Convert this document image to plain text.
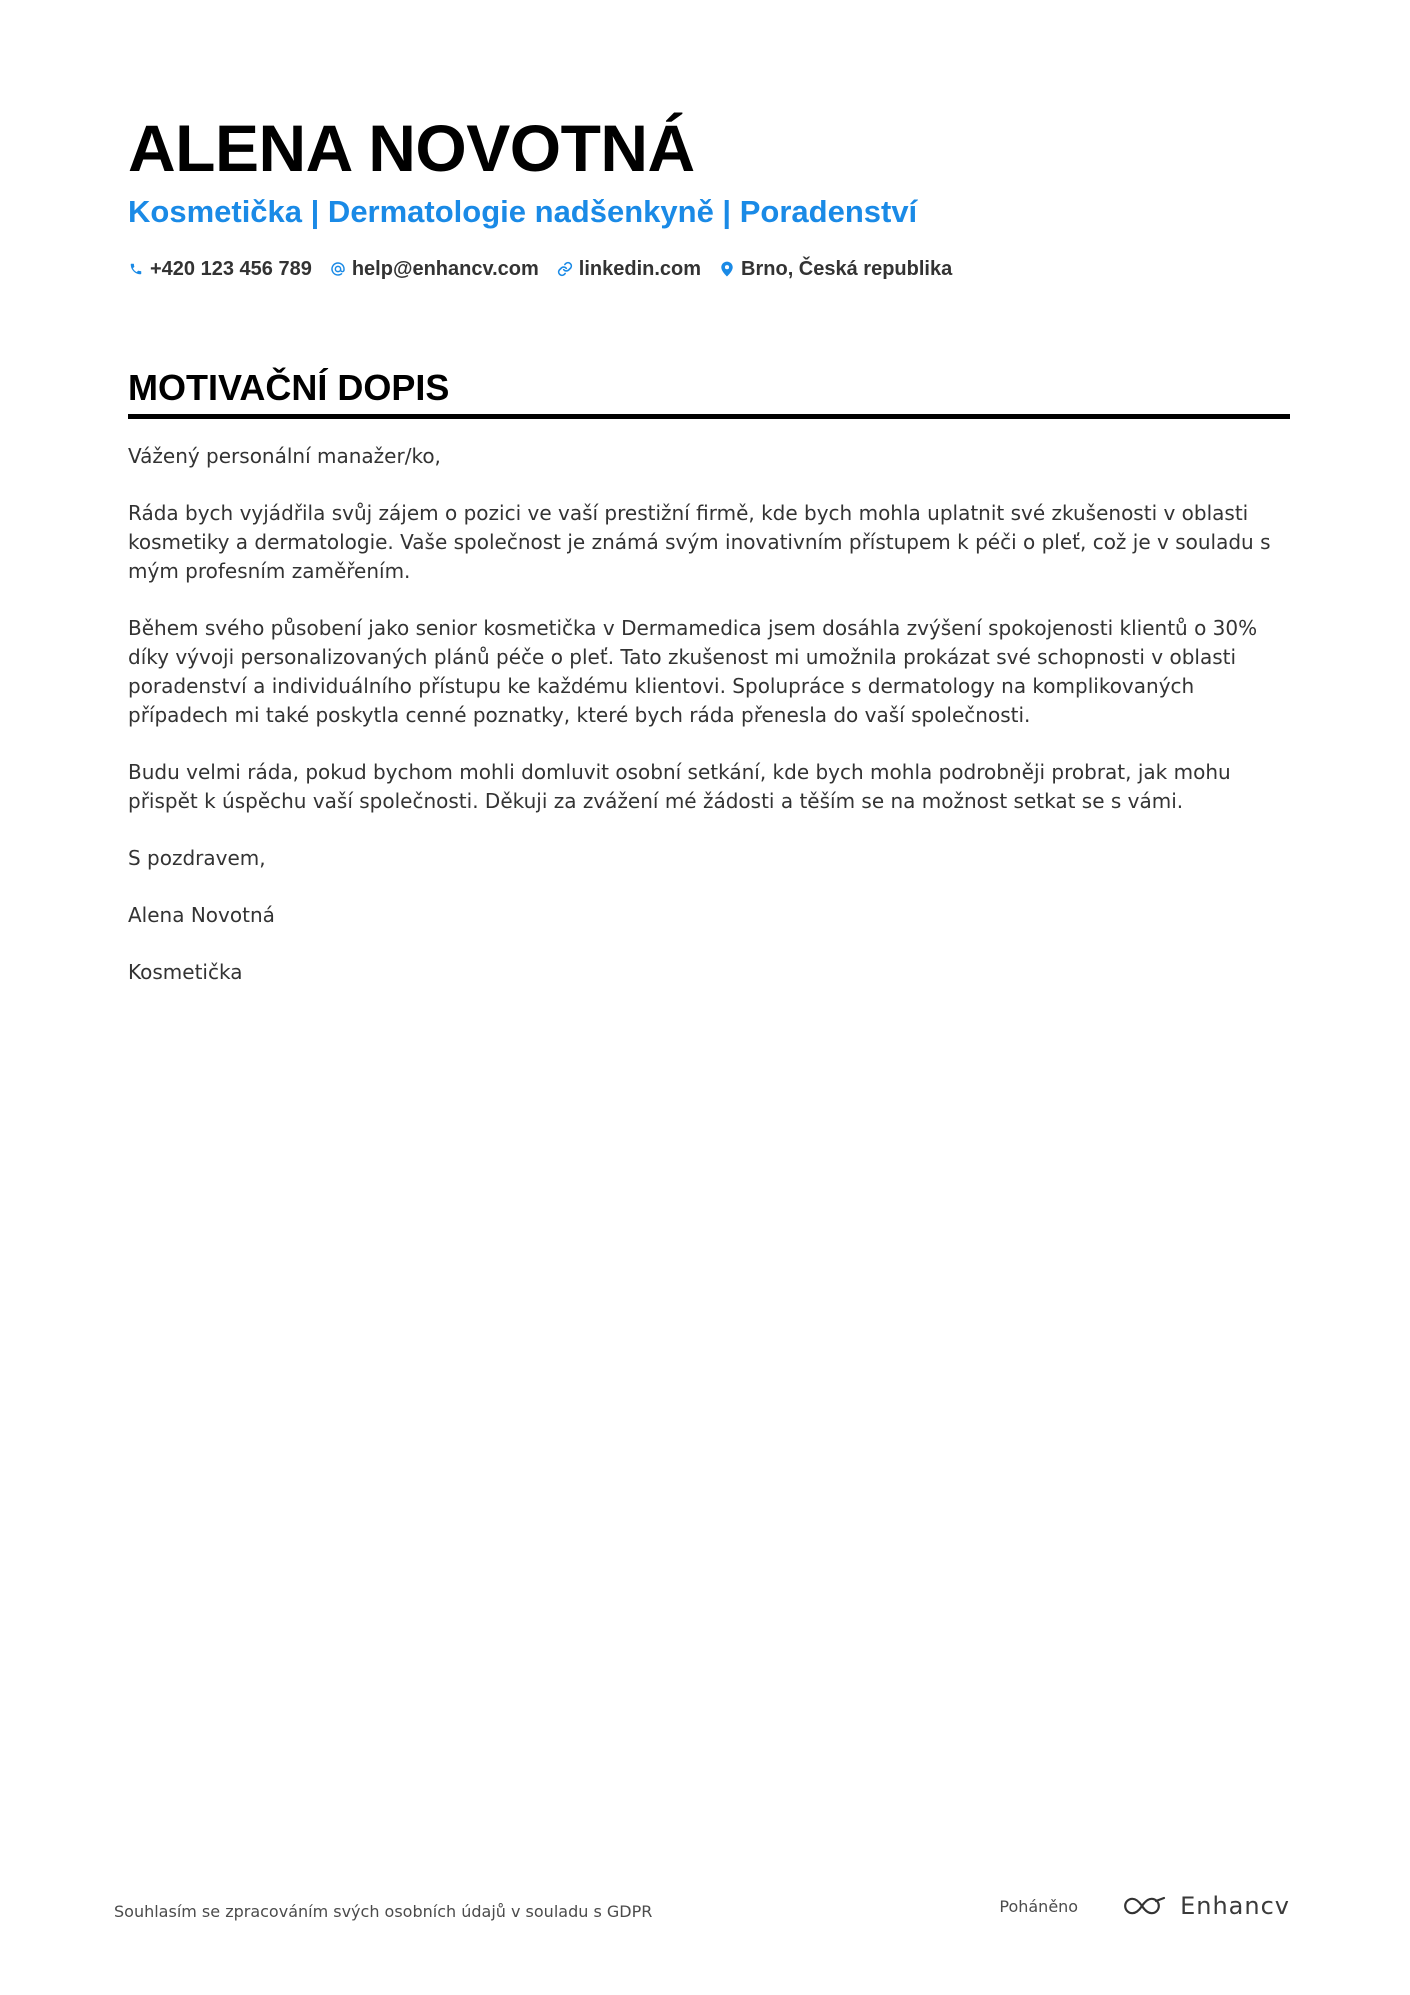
ALENA NOVOTNÁ
Kosmetička | Dermatologie nadšenkyně | Poradenství
+420 123 456 789 help@enhancv.com linkedin.com Brno, Česká republika
MOTIVAČNÍ DOPIS

Vážený personální manažer/ko,

Ráda bych vyjádřila svůj zájem o pozici ve vaší prestižní firmě, kde bych mohla uplatnit své zkušenosti v oblasti kosmetiky a dermatologie. Vaše společnost je známá svým inovativním přístupem k péči o pleť, což je v souladu s mým profesním zaměřením.

Během svého působení jako senior kosmetička v Dermamedica jsem dosáhla zvýšení spokojenosti klientů o 30% díky vývoji personalizovaných plánů péče o pleť. Tato zkušenost mi umožnila prokázat své schopnosti v oblasti poradenství a individuálního přístupu ke každému klientovi. Spolupráce s dermatology na komplikovaných případech mi také poskytla cenné poznatky, které bych ráda přenesla do vaší společnosti.

Budu velmi ráda, pokud bychom mohli domluvit osobní setkání, kde bych mohla podrobněji probrat, jak mohu přispět k úspěchu vaší společnosti. Děkuji za zvážení mé žádosti a těším se na možnost setkat se s vámi.

S pozdravem,

Alena Novotná

Kosmetička

Souhlasím se zpracováním svých osobních údajů v souladu s GDPR	Poháněno	Enhancv
